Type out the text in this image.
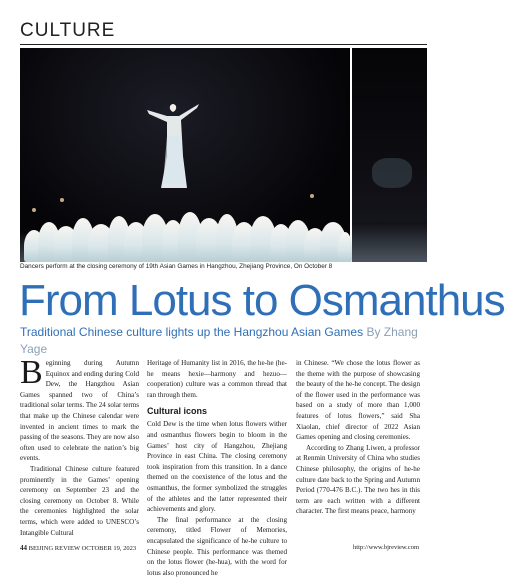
CULTURE
Dancers perform at the closing ceremony of 19th Asian Games in Hangzhou, Zhejiang Province, On October 8
From Lotus to Osmanthus
Traditional Chinese culture lights up the Hangzhou Asian Games By Zhang Yage

Beginning during Autumn Equinox and ending during Cold Dew, the Hangzhou Asian Games spanned two of China’s traditional solar terms. The 24 solar terms that make up the Chinese calendar were invented in ancient times to mark the passing of the seasons. They are now also often used to celebrate the nation’s big events.

Traditional Chinese culture featured prominently in the Games’ opening ceremony on September 23 and the closing ceremony on October 8. While the ceremonies highlighted the solar terms, which were added to UNESCO’s Intangible Cultural

Heritage of Humanity list in 2016, the he-he (he-he means hexie—harmony and hezuo—cooperation) culture was a common thread that ran through them.

Cultural icons

Cold Dew is the time when lotus flowers wither and osmanthus flowers begin to bloom in the Games’ host city of Hangzhou, Zhejiang Province in east China. The closing ceremony took inspiration from this transition. In a dance themed on the coexistence of the lotus and the osmanthus, the former symbolized the struggles of the athletes and the latter represented their achievements and glory.

The final performance at the closing ceremony, titled Flower of Memories, encapsulated the significance of he-he culture to Chinese people. This performance was themed on the lotus flower (he-hua), with the word for lotus also pronounced he

in Chinese. “We chose the lotus flower as the theme with the purpose of showcasing the beauty of the he-he concept. The design of the flower used in the performance was based on a study of more than 1,000 features of lotus flowers,” said Sha Xiaolan, chief director of 2022 Asian Games opening and closing ceremonies.

According to Zhang Liwen, a professor at Renmin University of China who studies Chinese philosophy, the origins of he-he culture date back to the Spring and Autumn Period (770-476 B.C.). The two hes in this term are each written with a different character. The first means peace, harmony

44 BEIJING REVIEW OCTOBER 19, 2023	http://www.bjreview.com
